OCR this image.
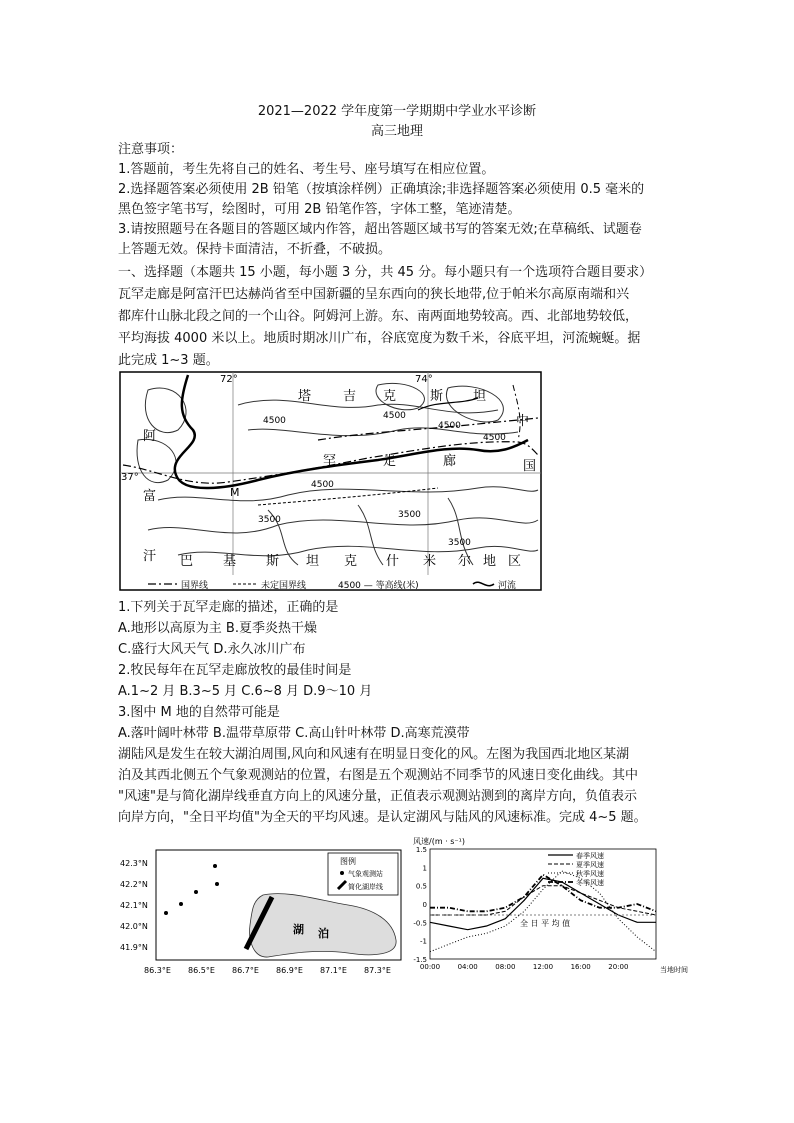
2021—2022 学年度第一学期期中学业水平诊断
高三地理
注意事项：
1.答题前，考生先将自己的姓名、考生号、座号填写在相应位置。
2.选择题答案必须使用 2B 铅笔（按填涂样例）正确填涂;非选择题答案必须使用 0.5 毫米的
黑色签字笔书写，绘图时，可用 2B 铅笔作答，字体工整，笔迹清楚。
3.请按照题号在各题目的答题区域内作答，超出答题区域书写的答案无效;在草稿纸、试题卷
上答题无效。保持卡面清洁，不折叠，不破损。
一、选择题（本题共 15 小题，每小题 3 分，共 45 分。每小题只有一个选项符合题目要求）
瓦罕走廊是阿富汗巴达赫尚省至中国新疆的呈东西向的狭长地带,位于帕米尔高原南端和兴
都库什山脉北段之间的一个山谷。阿姆河上游。东、南两面地势较高。西、北部地势较低，
平均海拔 4000 米以上。地质时期冰川广布，谷底宽度为数千米，谷底平坦，河流蜿蜒。据
此完成 1~3 题。
72°	74°
37°
4500	4500
4500
4500
4500
3500	3500
3500
塔 吉 克	斯 坦
阿
富
汗
罕	走	廊
中
国
巴 基 斯 坦 克 什 米 尔 地 区
M
国界线	未定国界线	4500 — 等高线(米)	河流
1.下列关于瓦罕走廊的描述，正确的是
A.地形以高原为主 B.夏季炎热干燥
C.盛行大风天气 D.永久冰川广布
2.牧民每年在瓦罕走廊放牧的最佳时间是
A.1~2 月 B.3~5 月 C.6~8 月 D.9～10 月
3.图中 M 地的自然带可能是
A.落叶阔叶林带 B.温带草原带 C.高山针叶林带 D.高寒荒漠带
湖陆风是发生在较大湖泊周围,风向和风速有在明显日变化的风。左图为我国西北地区某湖
泊及其西北侧五个气象观测站的位置，右图是五个观测站不同季节的风速日变化曲线。其中
"风速"是与简化湖岸线垂直方向上的风速分量，正值表示观测站测到的离岸方向，负值表示
向岸方向，"全日平均值"为全天的平均风速。是认定湖风与陆风的风速标准。完成 4~5 题。
42.3°N
42.2°N
42.1°N
42.0°N
41.9°N
86.3°E 86.5°E 86.7°E 86.9°E 87.1°E 87.3°E
湖 泊
图例
气象观测站
简化湖岸线
风速/(m · s⁻¹)
1.5
1
0.5
0
-0.5
-1
-1.5
00:00 04:00 08:00 12:00 16:00 20:00
全 日 平 均 值
春季风速
夏季风速
秋季风速
冬季风速
当地时间
